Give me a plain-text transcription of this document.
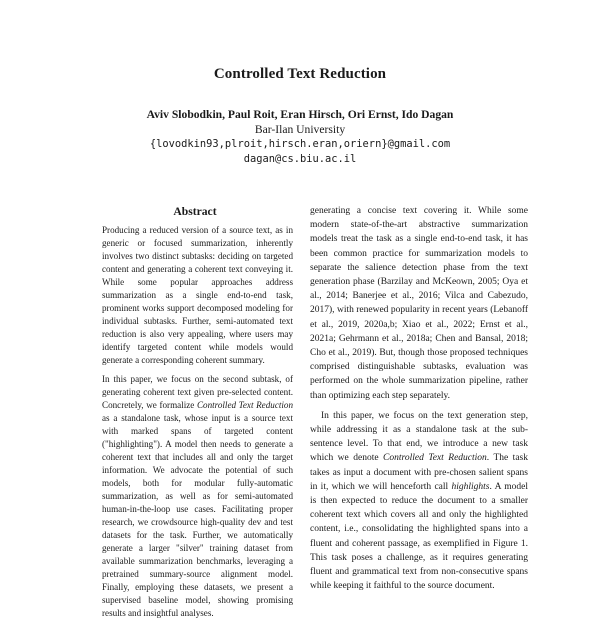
Controlled Text Reduction
Aviv Slobodkin, Paul Roit, Eran Hirsch, Ori Ernst, Ido Dagan
Bar-Ilan University
{lovodkin93,plroit,hirsch.eran,oriern}@gmail.com
dagan@cs.biu.ac.il
Abstract

Producing a reduced version of a source text, as in generic or focused summarization, inherently involves two distinct subtasks: deciding on targeted content and generating a coherent text conveying it. While some popular approaches address summarization as a single end-to-end task, prominent works support decomposed modeling for individual subtasks. Further, semi-automated text reduction is also very appealing, where users may identify targeted content while models would generate a corresponding coherent summary.

In this paper, we focus on the second subtask, of generating coherent text given pre-selected content. Concretely, we formalize Controlled Text Reduction as a standalone task, whose input is a source text with marked spans of targeted content ("highlighting"). A model then needs to generate a coherent text that includes all and only the target information. We advocate the potential of such models, both for modular fully-automatic summarization, as well as for semi-automated human-in-the-loop use cases. Facilitating proper research, we crowdsource high-quality dev and test datasets for the task. Further, we automatically generate a larger "silver" training dataset from available summarization benchmarks, leveraging a pretrained summary-source alignment model. Finally, employing these datasets, we present a supervised baseline model, showing promising results and insightful analyses.

generating a concise text covering it. While some modern state-of-the-art abstractive summarization models treat the task as a single end-to-end task, it has been common practice for summarization models to separate the salience detection phase from the text generation phase (Barzilay and McKeown, 2005; Oya et al., 2014; Banerjee et al., 2016; Vilca and Cabezudo, 2017), with renewed popularity in recent years (Lebanoff et al., 2019, 2020a,b; Xiao et al., 2022; Ernst et al., 2021a; Gehrmann et al., 2018a; Chen and Bansal, 2018; Cho et al., 2019). But, though those proposed techniques comprised distinguishable subtasks, evaluation was performed on the whole summarization pipeline, rather than optimizing each step separately.

In this paper, we focus on the text generation step, while addressing it as a standalone task at the sub-sentence level. To that end, we introduce a new task which we denote Controlled Text Reduction. The task takes as input a document with pre-chosen salient spans in it, which we will henceforth call highlights. A model is then expected to reduce the document to a smaller coherent text which covers all and only the highlighted content, i.e., consolidating the highlighted spans into a fluent and coherent passage, as exemplified in Figure 1. This task poses a challenge, as it requires generating fluent and grammatical text from non-consecutive spans while keeping it faithful to the source document.
